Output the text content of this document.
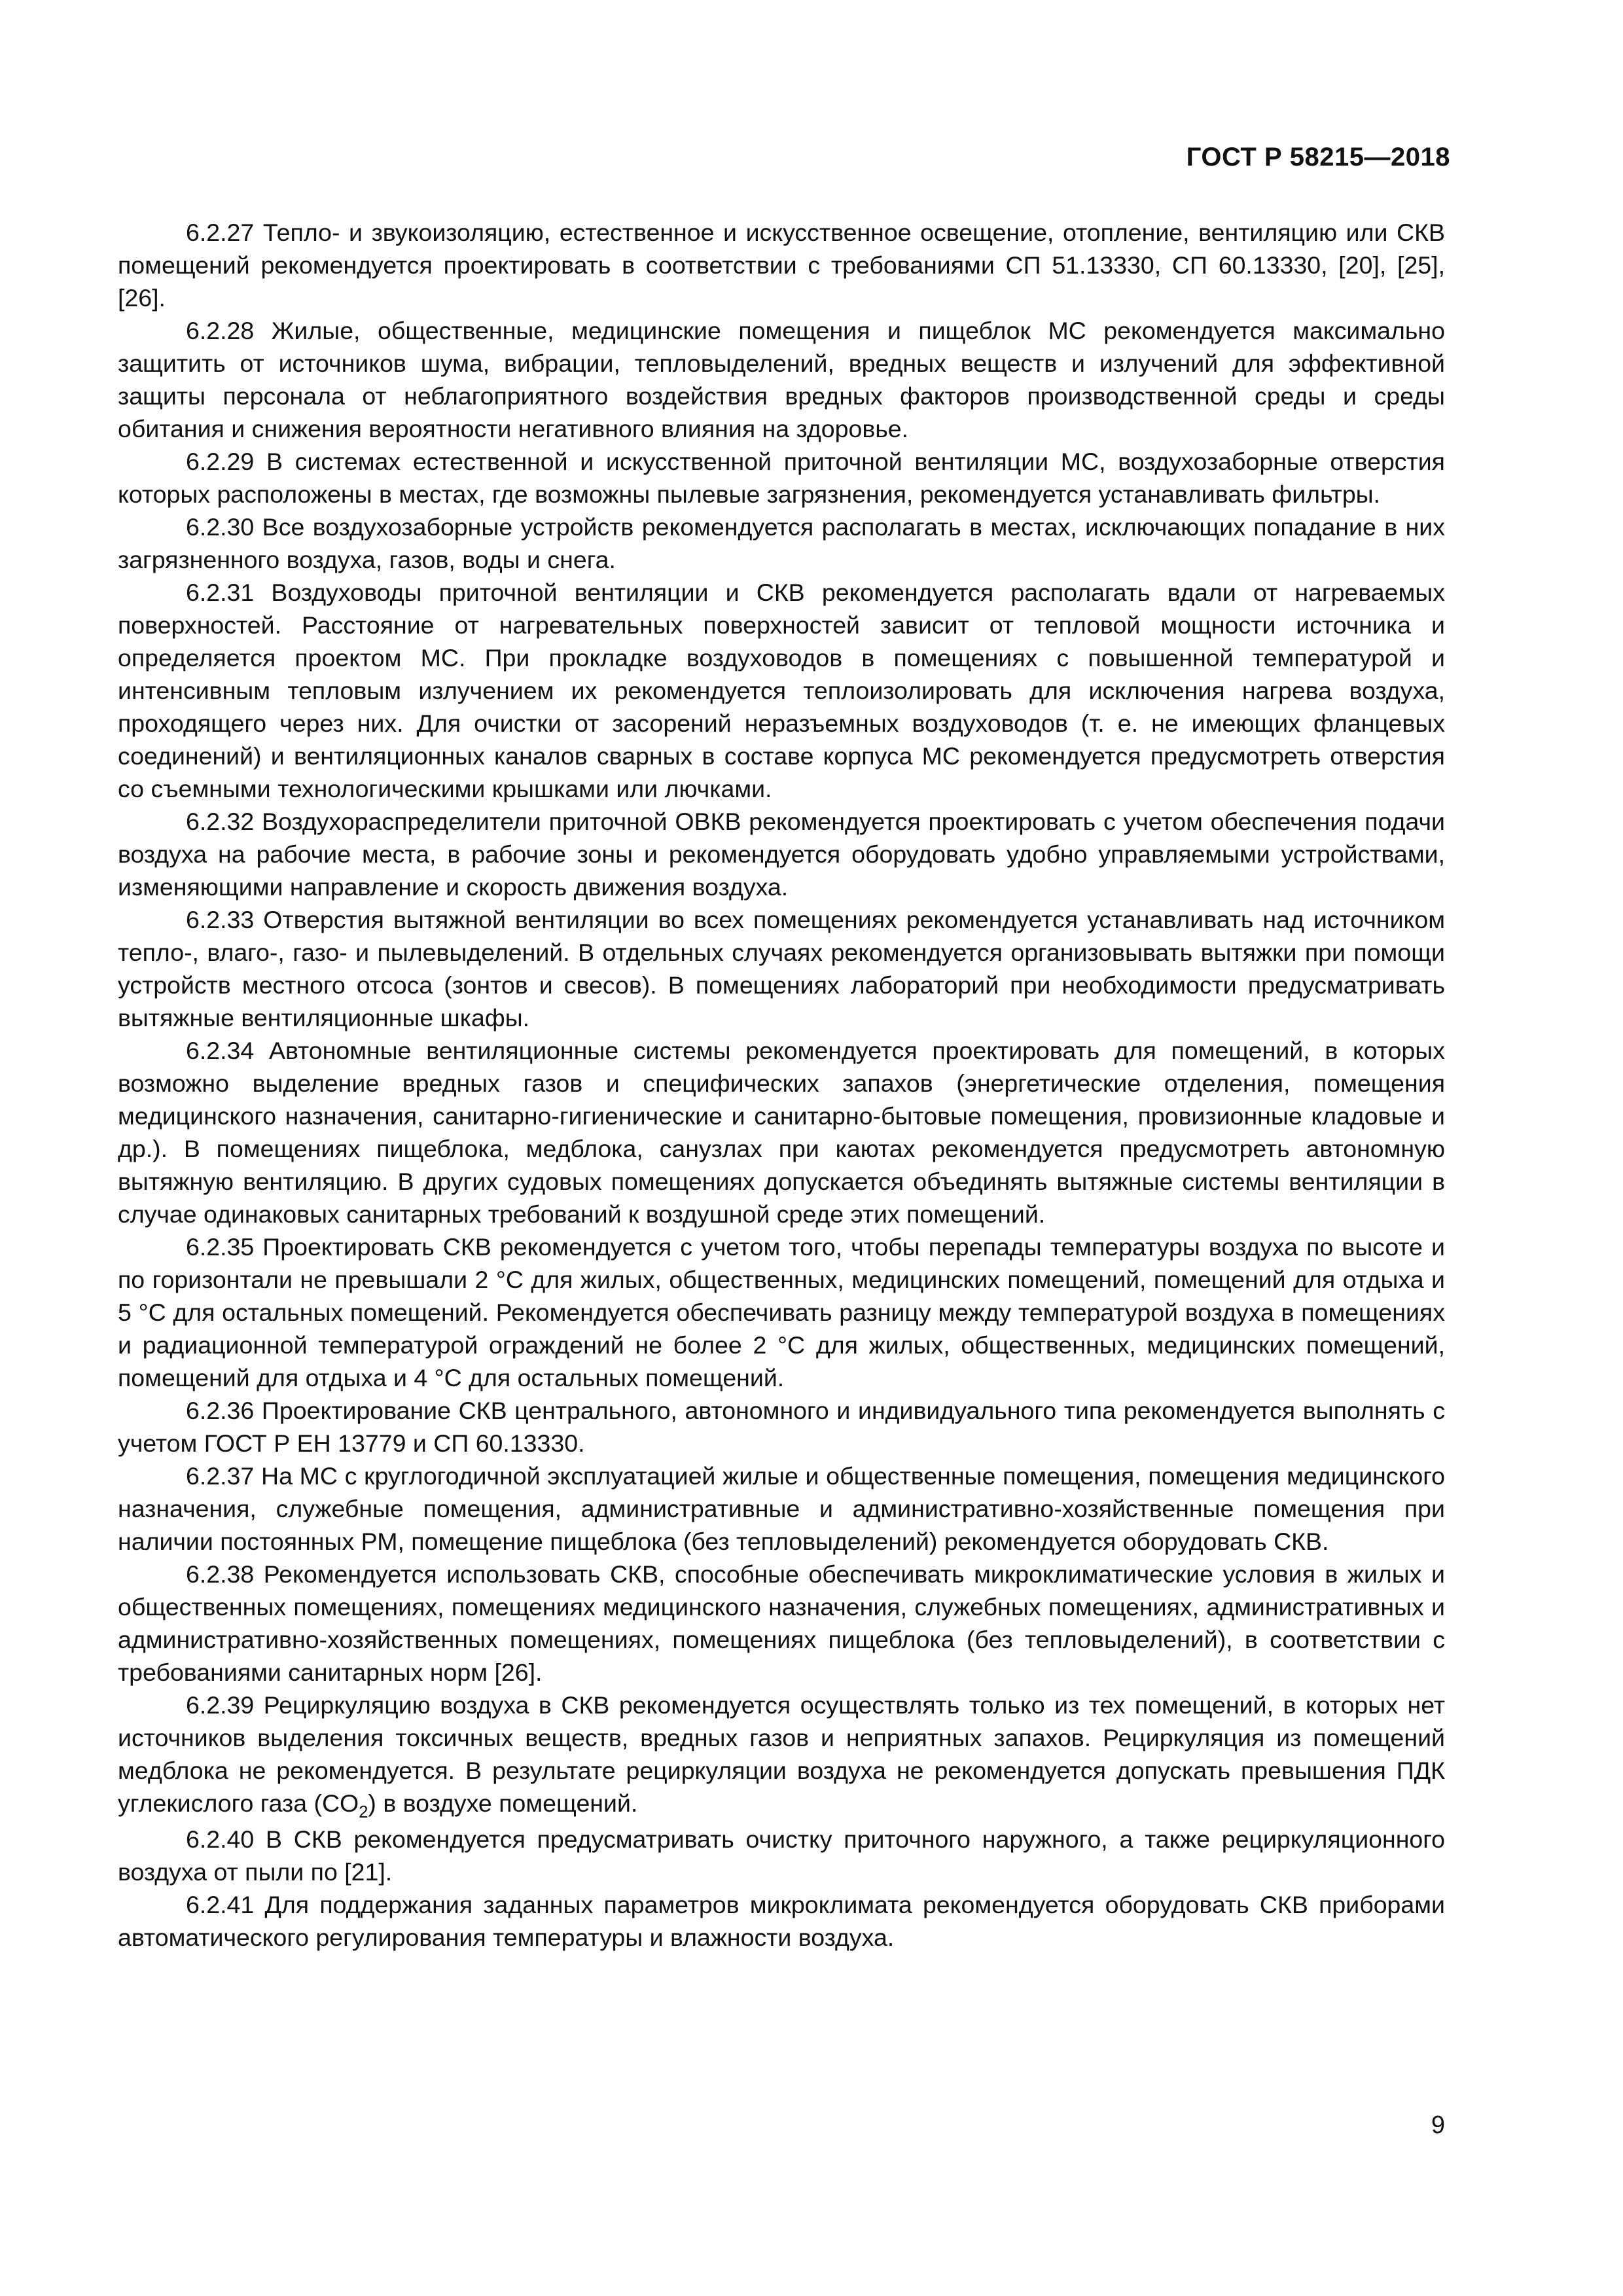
ГОСТ Р 58215—2018

6.2.27 Тепло- и звукоизоляцию, естественное и искусственное освещение, отопление, вентиляцию или СКВ помещений рекомендуется проектировать в соответствии с требованиями СП 51.13330, СП 60.13330, [20], [25], [26].

6.2.28 Жилые, общественные, медицинские помещения и пищеблок МС рекомендуется максимально защитить от источников шума, вибрации, тепловыделений, вредных веществ и излучений для эффективной защиты персонала от неблагоприятного воздействия вредных факторов производственной среды и среды обитания и снижения вероятности негативного влияния на здоровье.

6.2.29 В системах естественной и искусственной приточной вентиляции МС, воздухозаборные отверстия которых расположены в местах, где возможны пылевые загрязнения, рекомендуется устанавливать фильтры.

6.2.30 Все воздухозаборные устройств рекомендуется располагать в местах, исключающих попадание в них загрязненного воздуха, газов, воды и снега.

6.2.31 Воздуховоды приточной вентиляции и СКВ рекомендуется располагать вдали от нагреваемых поверхностей. Расстояние от нагревательных поверхностей зависит от тепловой мощности источника и определяется проектом МС. При прокладке воздуховодов в помещениях с повышенной температурой и интенсивным тепловым излучением их рекомендуется теплоизолировать для исключения нагрева воздуха, проходящего через них. Для очистки от засорений неразъемных воздуховодов (т. е. не имеющих фланцевых соединений) и вентиляционных каналов сварных в составе корпуса МС рекомендуется предусмотреть отверстия со съемными технологическими крышками или лючками.

6.2.32 Воздухораспределители приточной ОВКВ рекомендуется проектировать с учетом обеспечения подачи воздуха на рабочие места, в рабочие зоны и рекомендуется оборудовать удобно управляемыми устройствами, изменяющими направление и скорость движения воздуха.

6.2.33 Отверстия вытяжной вентиляции во всех помещениях рекомендуется устанавливать над источником тепло-, влаго-, газо- и пылевыделений. В отдельных случаях рекомендуется организовывать вытяжки при помощи устройств местного отсоса (зонтов и свесов). В помещениях лабораторий при необходимости предусматривать вытяжные вентиляционные шкафы.

6.2.34 Автономные вентиляционные системы рекомендуется проектировать для помещений, в которых возможно выделение вредных газов и специфических запахов (энергетические отделения, помещения медицинского назначения, санитарно-гигиенические и санитарно-бытовые помещения, провизионные кладовые и др.). В помещениях пищеблока, медблока, санузлах при каютах рекомендуется предусмотреть автономную вытяжную вентиляцию. В других судовых помещениях допускается объединять вытяжные системы вентиляции в случае одинаковых санитарных требований к воздушной среде этих помещений.

6.2.35 Проектировать СКВ рекомендуется с учетом того, чтобы перепады температуры воздуха по высоте и по горизонтали не превышали 2 °С для жилых, общественных, медицинских помещений, помещений для отдыха и 5 °С для остальных помещений. Рекомендуется обеспечивать разницу между температурой воздуха в помещениях и радиационной температурой ограждений не более 2 °С для жилых, общественных, медицинских помещений, помещений для отдыха и 4 °С для остальных помещений.

6.2.36 Проектирование СКВ центрального, автономного и индивидуального типа рекомендуется выполнять с учетом ГОСТ Р ЕН 13779 и СП 60.13330.

6.2.37 На МС с круглогодичной эксплуатацией жилые и общественные помещения, помещения медицинского назначения, служебные помещения, административные и административно-хозяйственные помещения при наличии постоянных РМ, помещение пищеблока (без тепловыделений) рекомендуется оборудовать СКВ.

6.2.38 Рекомендуется использовать СКВ, способные обеспечивать микроклиматические условия в жилых и общественных помещениях, помещениях медицинского назначения, служебных помещениях, административных и административно-хозяйственных помещениях, помещениях пищеблока (без тепловыделений), в соответствии с требованиями санитарных норм [26].

6.2.39 Рециркуляцию воздуха в СКВ рекомендуется осуществлять только из тех помещений, в которых нет источников выделения токсичных веществ, вредных газов и неприятных запахов. Рециркуляция из помещений медблока не рекомендуется. В результате рециркуляции воздуха не рекомендуется допускать превышения ПДК углекислого газа $(CO_2)$ в воздухе помещений.

6.2.40 В СКВ рекомендуется предусматривать очистку приточного наружного, а также рециркуляционного воздуха от пыли по [21].

6.2.41 Для поддержания заданных параметров микроклимата рекомендуется оборудовать СКВ приборами автоматического регулирования температуры и влажности воздуха.

9
